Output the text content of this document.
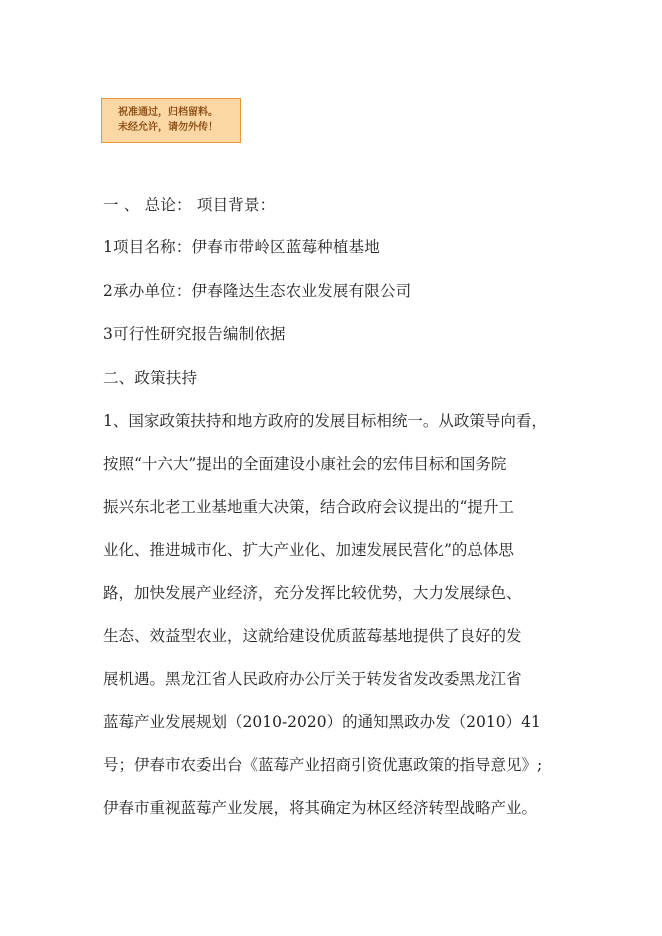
祝准通过，归档留料。
未经允许，请勿外传！
一 、 总论： 项目背景：
1项目名称：伊春市带岭区蓝莓种植基地
2承办单位：伊春隆达生态农业发展有限公司
3可行性研究报告编制依据
二、政策扶持
1、国家政策扶持和地方政府的发展目标相统一。从政策导向看，
按照“十六大”提出的全面建设小康社会的宏伟目标和国务院
振兴东北老工业基地重大决策，结合政府会议提出的“提升工
业化、推进城市化、扩大产业化、加速发展民营化”的总体思
路，加快发展产业经济，充分发挥比较优势，大力发展绿色、
生态、效益型农业，这就给建设优质蓝莓基地提供了良好的发
展机遇。黑龙江省人民政府办公厅关于转发省发改委黑龙江省
蓝莓产业发展规划（2010-2020）的通知黑政办发（2010）41
号；伊春市农委出台《蓝莓产业招商引资优惠政策的指导意见》;
伊春市重视蓝莓产业发展，将其确定为林区经济转型战略产业。
